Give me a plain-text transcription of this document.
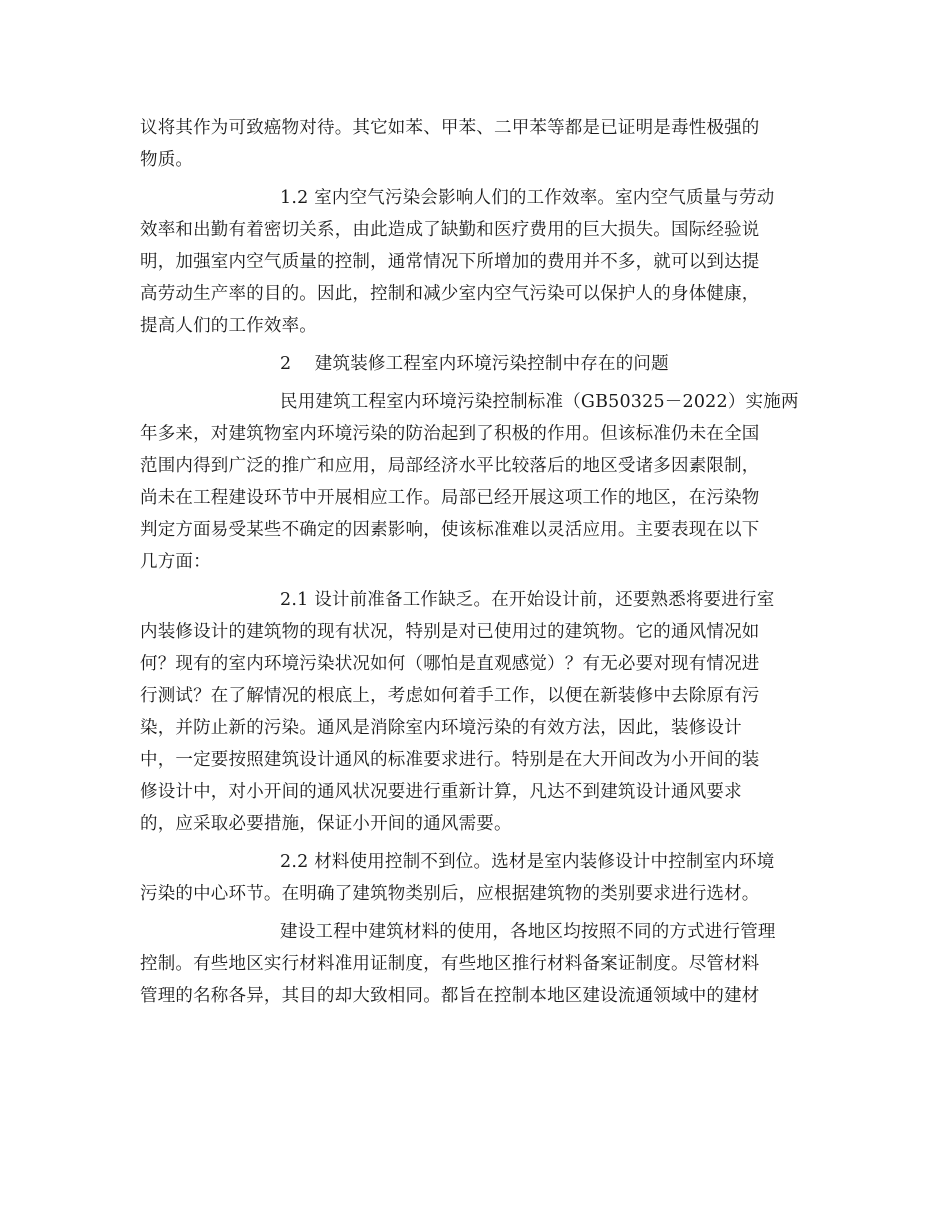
议将其作为可致癌物对待。其它如苯、甲苯、二甲苯等都是已证明是毒性极强的
物质。
1.2 室内空气污染会影响人们的工作效率。室内空气质量与劳动
效率和出勤有着密切关系，由此造成了缺勤和医疗费用的巨大损失。国际经验说
明，加强室内空气质量的控制，通常情况下所增加的费用并不多，就可以到达提
高劳动生产率的目的。因此，控制和减少室内空气污染可以保护人的身体健康，
提高人们的工作效率。
2　 建筑装修工程室内环境污染控制中存在的问题
民用建筑工程室内环境污染控制标准（GB50325－2022）实施两
年多来，对建筑物室内环境污染的防治起到了积极的作用。但该标准仍未在全国
范围内得到广泛的推广和应用，局部经济水平比较落后的地区受诸多因素限制，
尚未在工程建设环节中开展相应工作。局部已经开展这项工作的地区，在污染物
判定方面易受某些不确定的因素影响，使该标准难以灵活应用。主要表现在以下
几方面：
2.1 设计前准备工作缺乏。在开始设计前，还要熟悉将要进行室
内装修设计的建筑物的现有状况，特别是对已使用过的建筑物。它的通风情况如
何？现有的室内环境污染状况如何（哪怕是直观感觉）？有无必要对现有情况进
行测试？在了解情况的根底上，考虑如何着手工作，以便在新装修中去除原有污
染，并防止新的污染。通风是消除室内环境污染的有效方法，因此，装修设计
中，一定要按照建筑设计通风的标准要求进行。特别是在大开间改为小开间的装
修设计中，对小开间的通风状况要进行重新计算，凡达不到建筑设计通风要求
的，应采取必要措施，保证小开间的通风需要。
2.2 材料使用控制不到位。选材是室内装修设计中控制室内环境
污染的中心环节。在明确了建筑物类别后，应根据建筑物的类别要求进行选材。
建设工程中建筑材料的使用，各地区均按照不同的方式进行管理
控制。有些地区实行材料准用证制度，有些地区推行材料备案证制度。尽管材料
管理的名称各异，其目的却大致相同。都旨在控制本地区建设流通领域中的建材
